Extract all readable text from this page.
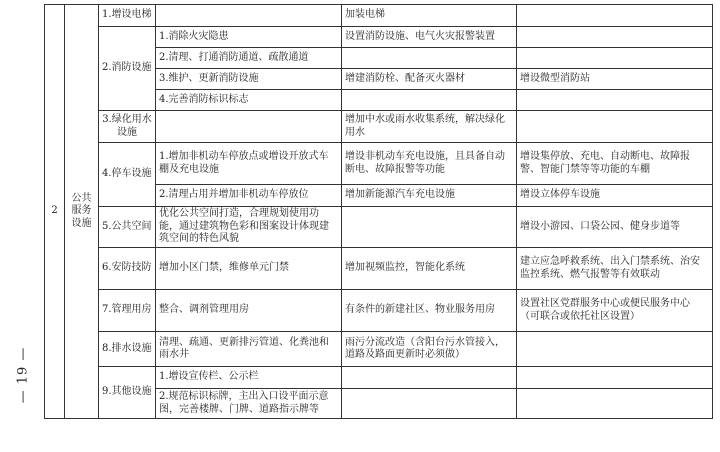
— 19 —
2	公共服务设施	1.增设电梯		加装电梯	
		2.消防设施	1.消除火灾隐患	设置消防设施、电气火灾报警装置	
			2.清理、打通消防通道、疏散通道		
			3.维护、更新消防设施	增建消防栓、配备灭火器材	增设微型消防站
			4.完善消防标识标志		
		3.绿化用水设施		增加中水或雨水收集系统，解决绿化用水	
		4.停车设施	1.增加非机动车停放点或增设开放式车棚及充电设施	增设非机动车充电设施，且具备自动断电、故障报警等功能	增设集停放、充电、自动断电、故障报警、智能门禁等等功能的车棚
			2.清理占用并增加非机动车停放位	增加新能源汽车充电设施	增设立体停车设施
		5.公共空间	优化公共空间打造，合理规划使用功能，通过建筑物色彩和图案设计体现建筑空间的特色风貌		增设小游园、口袋公园、健身步道等
		6.安防技防	增加小区门禁，维修单元门禁	增加视频监控，智能化系统	建立应急呼救系统、出入门禁系统、治安监控系统、燃气报警等有效联动
		7.管理用房	整合、调剂管理用房	有条件的新建社区、物业服务用房	设置社区党群服务中心或便民服务中心（可联合或依托社区设置）
		8.排水设施	清理、疏通、更新排污管道、化粪池和雨水井	雨污分流改造（含阳台污水管接入，道路及路面更新时必须做）	
		9.其他设施	1.增设宣传栏、公示栏		
			2.规范标识标牌，主出入口设平面示意图，完善楼牌、门牌、道路指示牌等		
